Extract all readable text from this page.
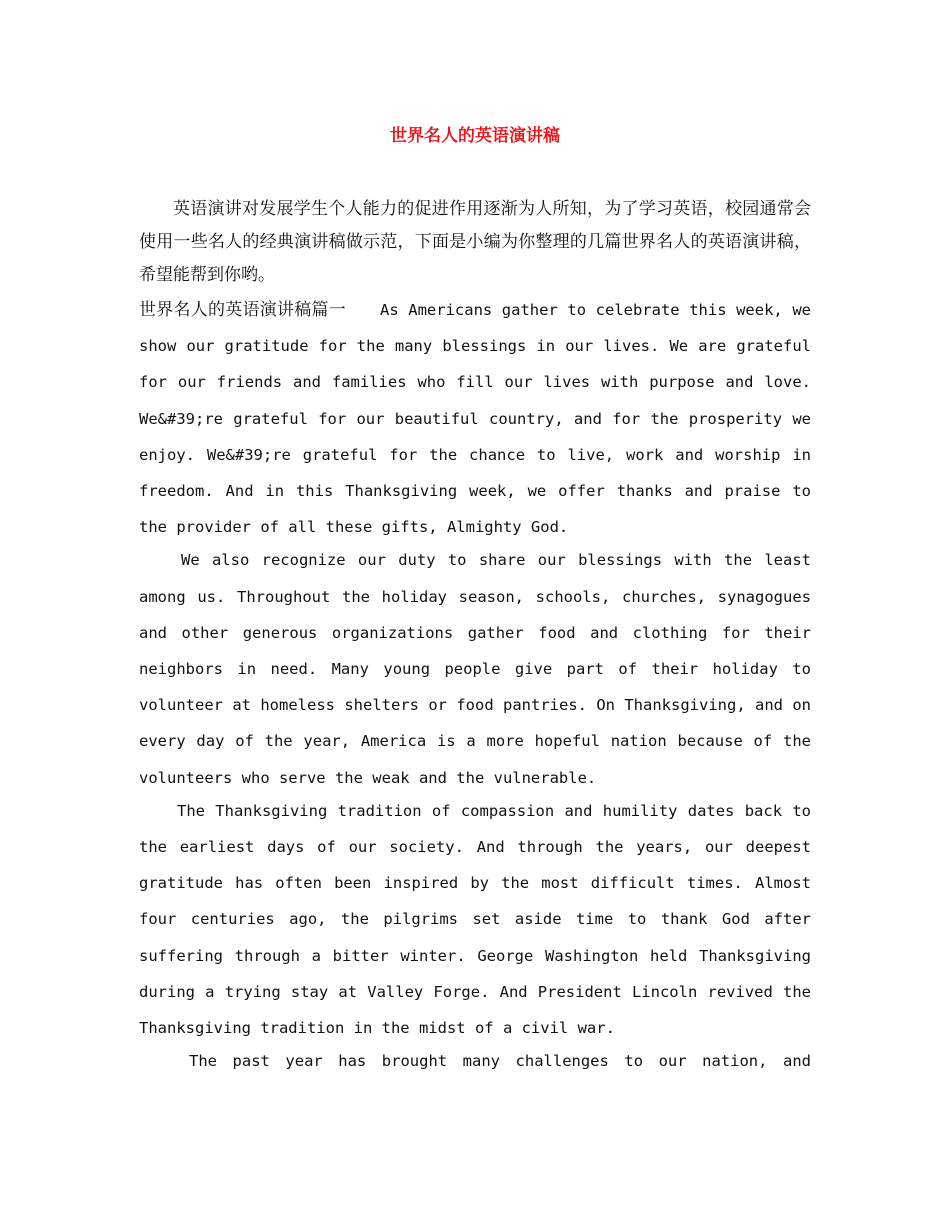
世界名人的英语演讲稿

英语演讲对发展学生个人能力的促进作用逐渐为人所知，为了学习英语，校园通常会使用一些名人的经典演讲稿做示范，下面是小编为你整理的几篇世界名人的英语演讲稿，希望能帮到你哟。

世界名人的英语演讲稿篇一 As Americans gather to celebrate this week, we show our gratitude for the many blessings in our lives. We are grateful for our friends and families who fill our lives with purpose and love. We&#39;re grateful for our beautiful country, and for the prosperity we enjoy. We&#39;re grateful for the chance to live, work and worship in freedom. And in this Thanksgiving week, we offer thanks and praise to the provider of all these gifts, Almighty God.

We also recognize our duty to share our blessings with the least among us. Throughout the holiday season, schools, churches, synagogues and other generous organizations gather food and clothing for their neighbors in need. Many young people give part of their holiday to volunteer at homeless shelters or food pantries. On Thanksgiving, and on every day of the year, America is a more hopeful nation because of the volunteers who serve the weak and the vulnerable.

The Thanksgiving tradition of compassion and humility dates back to the earliest days of our society. And through the years, our deepest gratitude has often been inspired by the most difficult times. Almost four centuries ago, the pilgrims set aside time to thank God after suffering through a bitter winter. George Washington held Thanksgiving during a trying stay at Valley Forge. And President Lincoln revived the Thanksgiving tradition in the midst of a civil war.

The past year has brought many challenges to our nation, and
